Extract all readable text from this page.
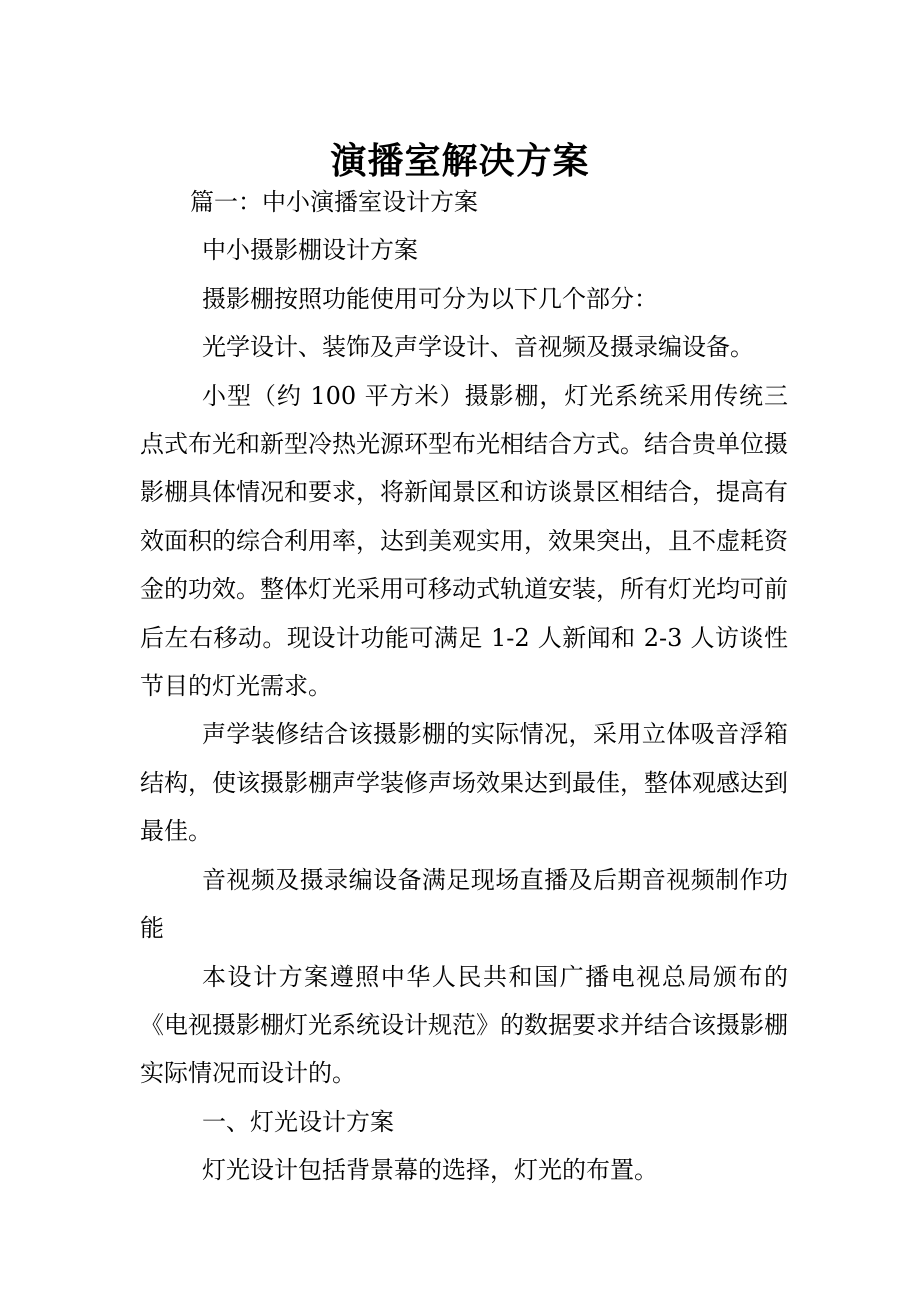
演播室解决方案

篇一：中小演播室设计方案

中小摄影棚设计方案

摄影棚按照功能使用可分为以下几个部分：

光学设计、装饰及声学设计、音视频及摄录编设备。

小型（约 100 平方米）摄影棚，灯光系统采用传统三点式布光和新型冷热光源环型布光相结合方式。结合贵单位摄影棚具体情况和要求，将新闻景区和访谈景区相结合，提高有效面积的综合利用率，达到美观实用，效果突出，且不虚耗资金的功效。整体灯光采用可移动式轨道安装，所有灯光均可前后左右移动。现设计功能可满足 1-2 人新闻和 2-3 人访谈性节目的灯光需求。

声学装修结合该摄影棚的实际情况，采用立体吸音浮箱结构，使该摄影棚声学装修声场效果达到最佳，整体观感达到最佳。

音视频及摄录编设备满足现场直播及后期音视频制作功能

本设计方案遵照中华人民共和国广播电视总局颁布的《电视摄影棚灯光系统设计规范》的数据要求并结合该摄影棚实际情况而设计的。

一、灯光设计方案

灯光设计包括背景幕的选择，灯光的布置。
